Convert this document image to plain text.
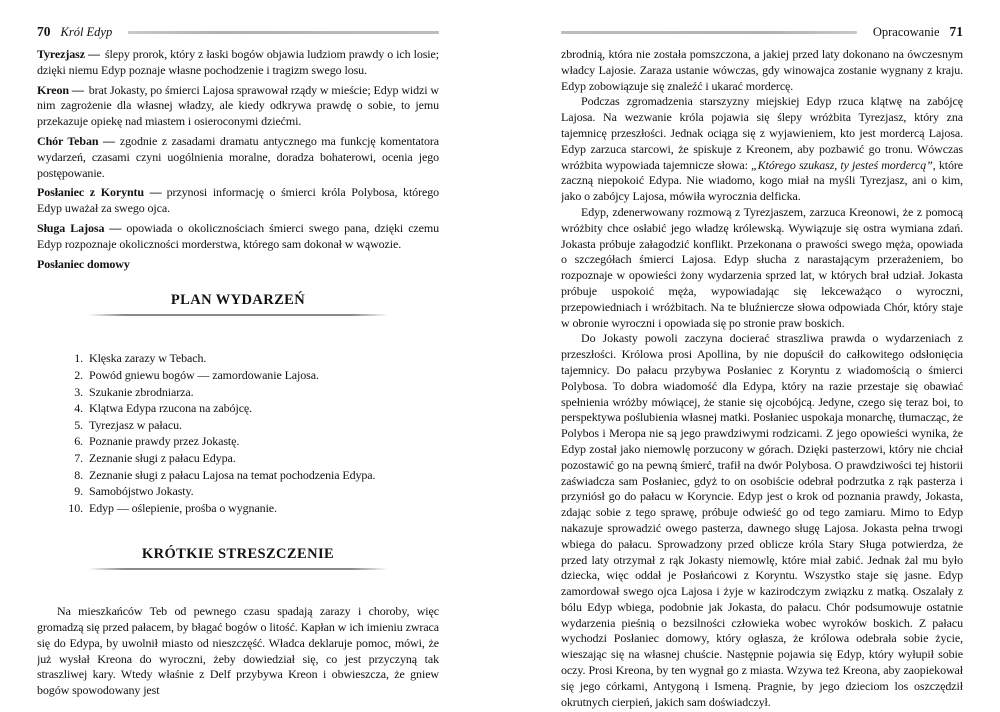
70 Król Edyp

Tyrezjasz — ślepy prorok, który z łaski bogów objawia ludziom prawdy o ich losie; dzięki niemu Edyp poznaje własne pochodzenie i tragizm swego losu.

Kreon — brat Jokasty, po śmierci Lajosa sprawował rządy w mieście; Edyp widzi w nim zagrożenie dla własnej władzy, ale kiedy odkrywa prawdę o sobie, to jemu przekazuje opiekę nad miastem i osieroconymi dziećmi.

Chór Teban — zgodnie z zasadami dramatu antycznego ma funkcję komentatora wydarzeń, czasami czyni uogólnienia moralne, doradza bohaterowi, ocenia jego postępowanie.

Posłaniec z Koryntu — przynosi informację o śmierci króla Polybosa, którego Edyp uważał za swego ojca.

Sługa Lajosa — opowiada o okolicznościach śmierci swego pana, dzięki czemu Edyp rozpoznaje okoliczności morderstwa, którego sam dokonał w wąwozie.

Posłaniec domowy

PLAN WYDARZEŃ
1. Klęska zarazy w Tebach.
2. Powód gniewu bogów — zamordowanie Lajosa.
3. Szukanie zbrodniarza.
4. Klątwa Edypa rzucona na zabójcę.
5. Tyrezjasz w pałacu.
6. Poznanie prawdy przez Jokastę.
7. Zeznanie sługi z pałacu Edypa.
8. Zeznanie sługi z pałacu Lajosa na temat pochodzenia Edypa.
9. Samobójstwo Jokasty.
10. Edyp — oślepienie, prośba o wygnanie.
KRÓTKIE STRESZCZENIE

Na mieszkańców Teb od pewnego czasu spadają zarazy i choroby, więc gromadzą się przed pałacem, by błagać bogów o litość. Kapłan w ich imieniu zwraca się do Edypa, by uwolnił miasto od nieszczęść. Władca deklaruje pomoc, mówi, że już wysłał Kreona do wyroczni, żeby dowiedział się, co jest przyczyną tak straszliwej kary. Wtedy właśnie z Delf przybywa Kreon i obwieszcza, że gniew bogów spowodowany jest

Opracowanie 71

zbrodnią, która nie została pomszczona, a jakiej przed laty dokonano na ówczesnym władcy Lajosie. Zaraza ustanie wówczas, gdy winowajca zostanie wygnany z kraju. Edyp zobowiązuje się znaleźć i ukarać mordercę.

Podczas zgromadzenia starszyzny miejskiej Edyp rzuca klątwę na zabójcę Lajosa. Na wezwanie króla pojawia się ślepy wróżbita Tyrezjasz, który zna tajemnicę przeszłości. Jednak ociąga się z wyjawieniem, kto jest mordercą Lajosa. Edyp zarzuca starcowi, że spiskuje z Kreonem, aby pozbawić go tronu. Wówczas wróżbita wypowiada tajemnicze słowa: „Którego szukasz, ty jesteś mordercą”, które zaczną niepokoić Edypa. Nie wiadomo, kogo miał na myśli Tyrezjasz, ani o kim, jako o zabójcy Lajosa, mówiła wyrocznia delficka.

Edyp, zdenerwowany rozmową z Tyrezjaszem, zarzuca Kreonowi, że z pomocą wróżbity chce osłabić jego władzę królewską. Wywiązuje się ostra wymiana zdań. Jokasta próbuje załagodzić konflikt. Przekonana o prawości swego męża, opowiada o szczegółach śmierci Lajosa. Edyp słucha z narastającym przerażeniem, bo rozpoznaje w opowieści żony wydarzenia sprzed lat, w których brał udział. Jokasta próbuje uspokoić męża, wypowiadając się lekceważąco o wyroczni, przepowiedniach i wróżbitach. Na te bluźniercze słowa odpowiada Chór, który staje w obronie wyroczni i opowiada się po stronie praw boskich.

Do Jokasty powoli zaczyna docierać straszliwa prawda o wydarzeniach z przeszłości. Królowa prosi Apollina, by nie dopuścił do całkowitego odsłonięcia tajemnicy. Do pałacu przybywa Posłaniec z Koryntu z wiadomością o śmierci Polybosa. To dobra wiadomość dla Edypa, który na razie przestaje się obawiać spełnienia wróżby mówiącej, że stanie się ojcobójcą. Jedyne, czego się teraz boi, to perspektywa poślubienia własnej matki. Posłaniec uspokaja monarchę, tłumacząc, że Polybos i Meropa nie są jego prawdziwymi rodzicami. Z jego opowieści wynika, że Edyp został jako niemowlę porzucony w górach. Dzięki pasterzowi, który nie chciał pozostawić go na pewną śmierć, trafił na dwór Polybosa. O prawdziwości tej historii zaświadcza sam Posłaniec, gdyż to on osobiście odebrał podrzutka z rąk pasterza i przyniósł go do pałacu w Koryncie. Edyp jest o krok od poznania prawdy, Jokasta, zdając sobie z tego sprawę, próbuje odwieść go od tego zamiaru. Mimo to Edyp nakazuje sprowadzić owego pasterza, dawnego sługę Lajosa. Jokasta pełna trwogi wbiega do pałacu. Sprowadzony przed oblicze króla Stary Sługa potwierdza, że przed laty otrzymał z rąk Jokasty niemowlę, które miał zabić. Jednak żal mu było dziecka, więc oddał je Posłańcowi z Koryntu. Wszystko staje się jasne. Edyp zamordował swego ojca Lajosa i żyje w kazirodczym związku z matką. Oszalały z bólu Edyp wbiega, podobnie jak Jokasta, do pałacu. Chór podsumowuje ostatnie wydarzenia pieśnią o bezsilności człowieka wobec wyroków boskich. Z pałacu wychodzi Posłaniec domowy, który ogłasza, że królowa odebrała sobie życie, wieszając się na własnej chuście. Następnie pojawia się Edyp, który wyłupił sobie oczy. Prosi Kreona, by ten wygnał go z miasta. Wzywa też Kreona, aby zaopiekował się jego córkami, Antygoną i Ismeną. Pragnie, by jego dzieciom los oszczędził okrutnych cierpień, jakich sam doświadczył.
